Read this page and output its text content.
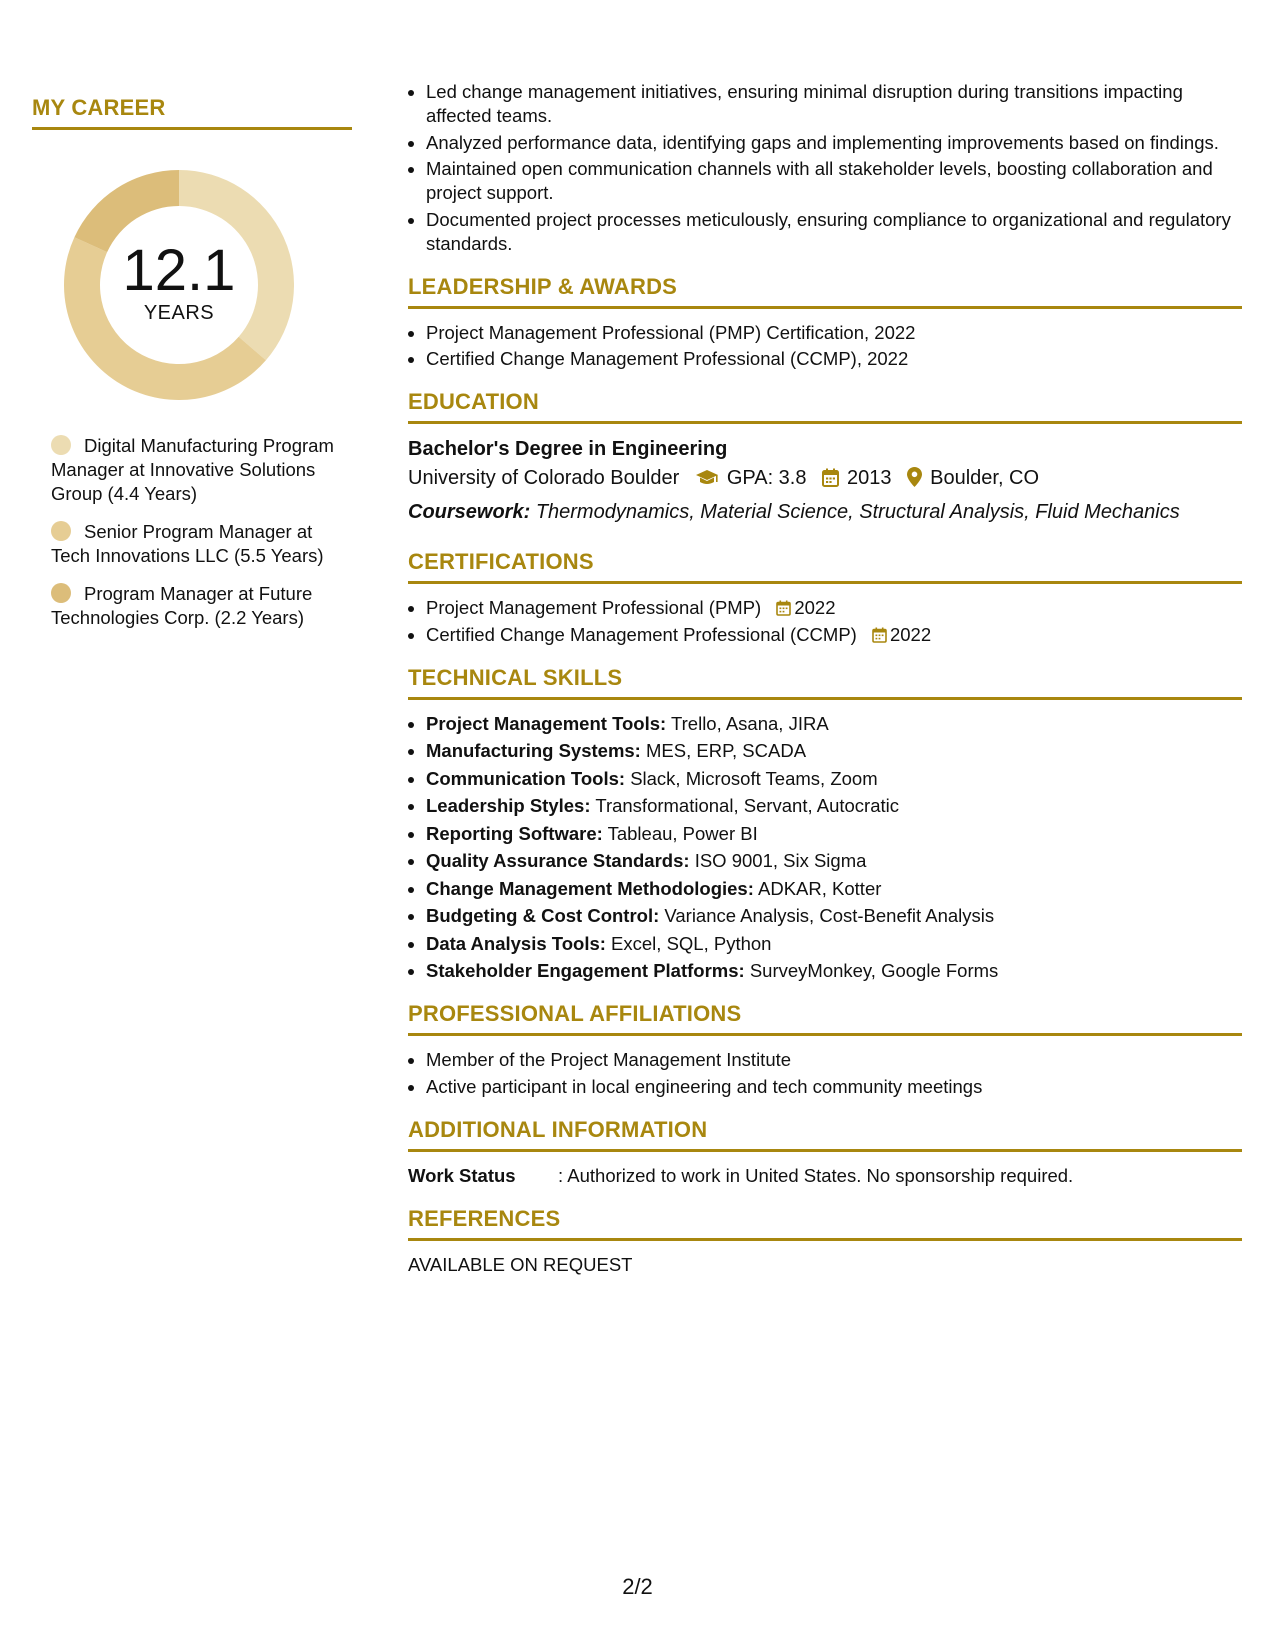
MY CAREER
12.1
YEARS
Digital Manufacturing Program Manager at Innovative Solutions Group (4.4 Years)
Senior Program Manager at Tech Innovations LLC (5.5 Years)
Program Manager at Future Technologies Corp. (2.2 Years)
• Led change management initiatives, ensuring minimal disruption during transitions impacting affected teams.
• Analyzed performance data, identifying gaps and implementing improvements based on findings.
• Maintained open communication channels with all stakeholder levels, boosting collaboration and project support.
• Documented project processes meticulously, ensuring compliance to organizational and regulatory standards.
LEADERSHIP & AWARDS
• Project Management Professional (PMP) Certification, 2022
• Certified Change Management Professional (CCMP), 2022
EDUCATION
Bachelor's Degree in Engineering
University of Colorado Boulder GPA: 3.8 2013 Boulder, CO
Coursework: Thermodynamics, Material Science, Structural Analysis, Fluid Mechanics
CERTIFICATIONS
• Project Management Professional (PMP) 2022
• Certified Change Management Professional (CCMP) 2022
TECHNICAL SKILLS
• Project Management Tools: Trello, Asana, JIRA
• Manufacturing Systems: MES, ERP, SCADA
• Communication Tools: Slack, Microsoft Teams, Zoom
• Leadership Styles: Transformational, Servant, Autocratic
• Reporting Software: Tableau, Power BI
• Quality Assurance Standards: ISO 9001, Six Sigma
• Change Management Methodologies: ADKAR, Kotter
• Budgeting & Cost Control: Variance Analysis, Cost-Benefit Analysis
• Data Analysis Tools: Excel, SQL, Python
• Stakeholder Engagement Platforms: SurveyMonkey, Google Forms
PROFESSIONAL AFFILIATIONS
• Member of the Project Management Institute
• Active participant in local engineering and tech community meetings
ADDITIONAL INFORMATION
Work Status : Authorized to work in United States. No sponsorship required.
REFERENCES
AVAILABLE ON REQUEST
2/2
